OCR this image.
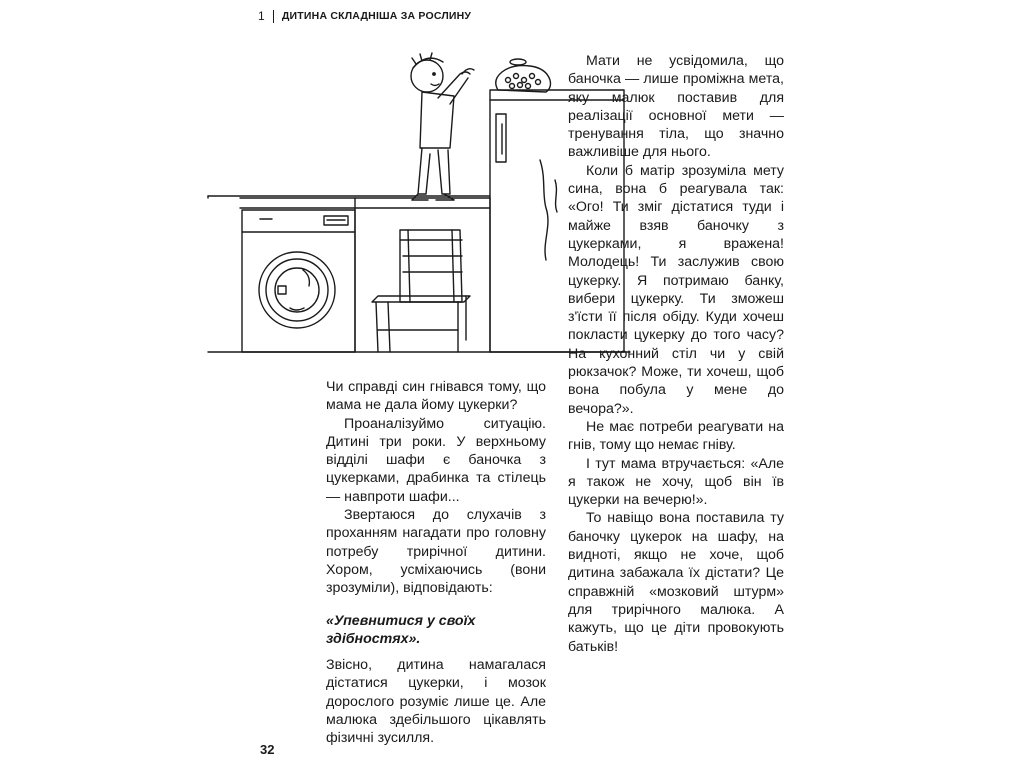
1 ДИТИНА СКЛАДНІША ЗА РОСЛИНУ

Чи справді син гнівався тому, що мама не дала йому цукерки?

Проаналізуймо ситуацію. Дитині три роки. У верхньому відділі шафи є баночка з цукерками, драбинка та стілець — навпроти шафи...

Звертаюся до слухачів з проханням нагадати про головну потребу трирічної дитини. Хором, усміхаючись (вони зрозуміли), відповідають:

«Упевнитися у своїх здібностях».

Звісно, дитина намагалася дістатися цукерки, і мозок дорослого розуміє лише це. Але малюка здебільшого цікавлять фізичні зусилля.

Мати не усвідомила, що баночка — лише проміжна мета, яку малюк поставив для реалізації основної мети — тренування тіла, що значно важливіше для нього.

Коли б матір зрозуміла мету сина, вона б реагувала так: «Ого! Ти зміг дістатися туди і майже взяв баночку з цукерками, я вражена! Молодець! Ти заслужив свою цукерку. Я потримаю банку, вибери цукерку. Ти зможеш з'їсти її після обіду. Куди хочеш покласти цукерку до того часу? На кухонний стіл чи у свій рюкзачок? Може, ти хочеш, щоб вона побула у мене до вечора?».

Не має потреби реагувати на гнів, тому що немає гніву.

І тут мама втручається: «Але я також не хочу, щоб він їв цукерки на вечерю!».

То навіщо вона поставила ту баночку цукерок на шафу, на видноті, якщо не хоче, щоб дитина забажала їх дістати? Це справжній «мозковий штурм» для трирічного малюка. А кажуть, що це діти провокують батьків!

32
